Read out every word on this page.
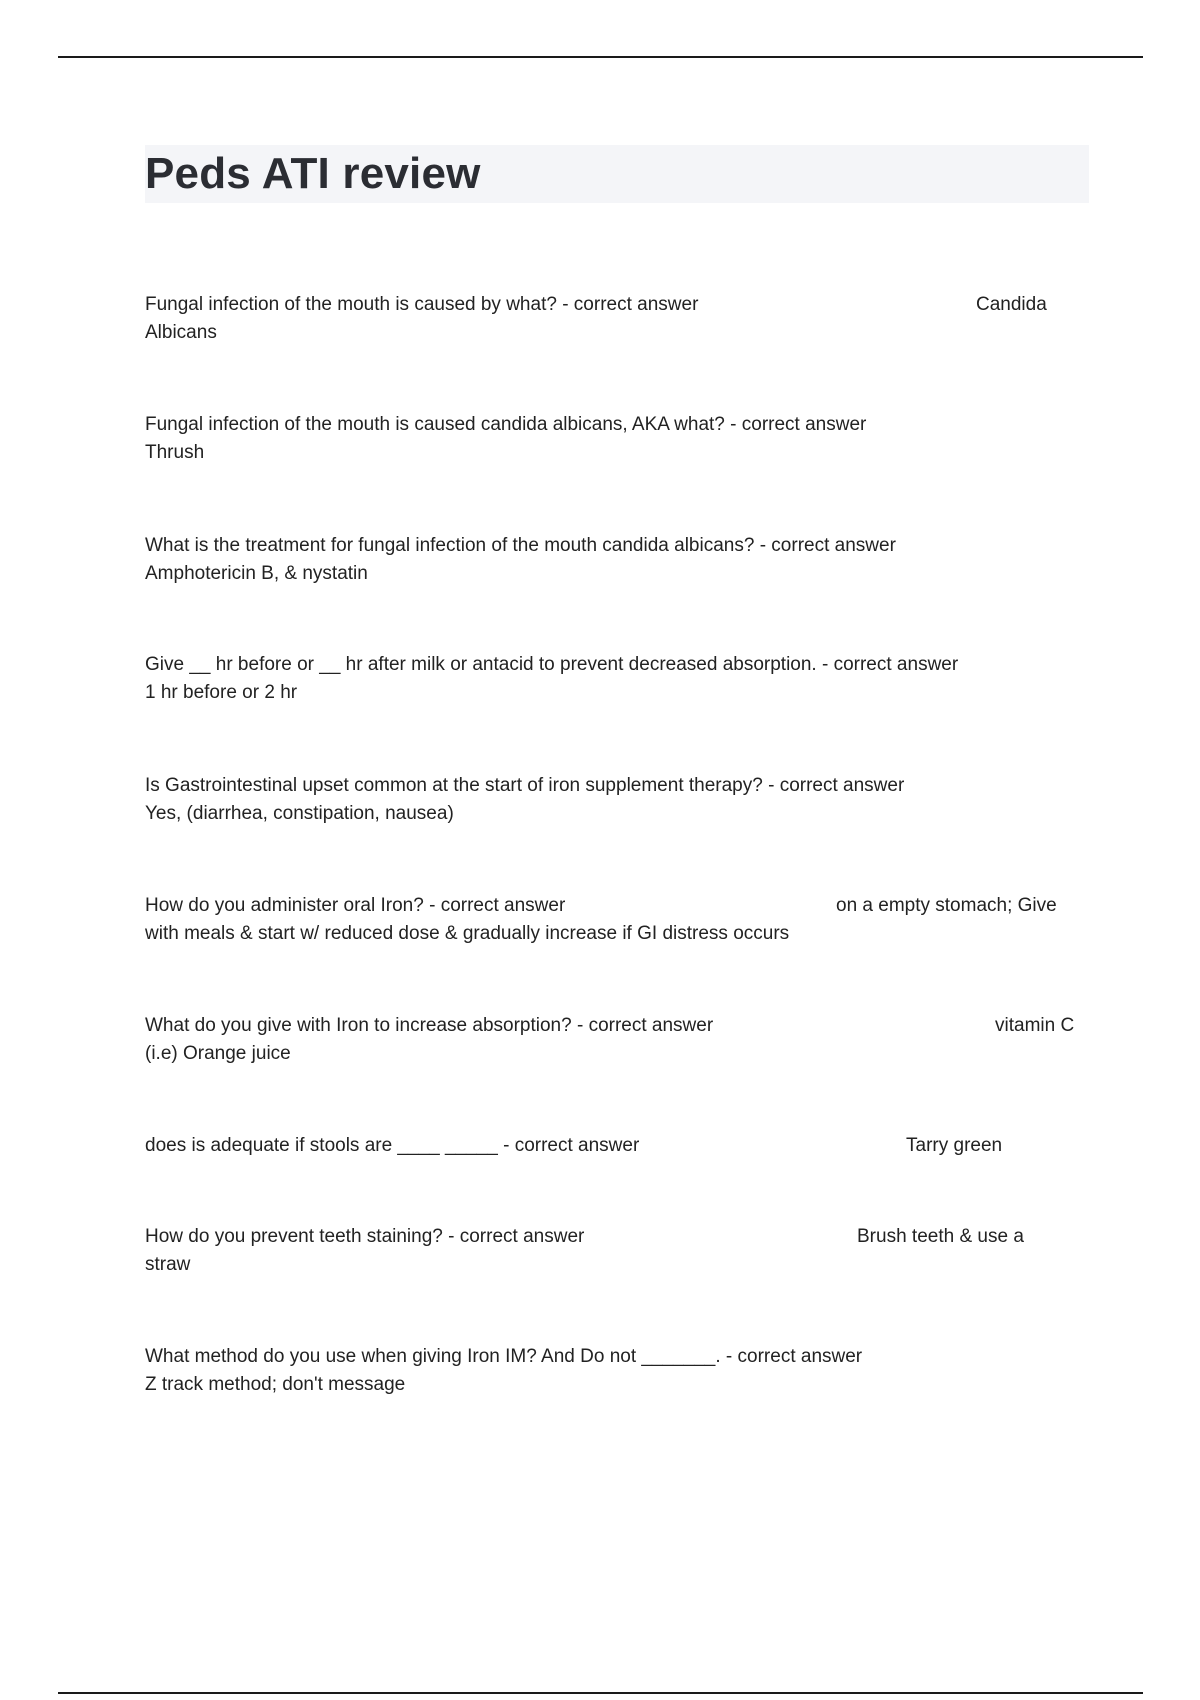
Peds ATI review
Fungal infection of the mouth is caused by what? - correct answer	Candida
Albicans
Fungal infection of the mouth is caused candida albicans, AKA what? - correct answer
Thrush
What is the treatment for fungal infection of the mouth candida albicans? - correct answer
Amphotericin B, & nystatin
Give __ hr before or __ hr after milk or antacid to prevent decreased absorption. - correct answer
1 hr before or 2 hr
Is Gastrointestinal upset common at the start of iron supplement therapy? - correct answer
Yes, (diarrhea, constipation, nausea)
How do you administer oral Iron? - correct answer	on a empty stomach; Give
with meals & start w/ reduced dose & gradually increase if GI distress occurs
What do you give with Iron to increase absorption? - correct answer	vitamin C
(i.e) Orange juice
does is adequate if stools are ____ _____ - correct answer	Tarry green
How do you prevent teeth staining? - correct answer	Brush teeth & use a
straw
What method do you use when giving Iron IM? And Do not _______. - correct answer
Z track method; don't message
